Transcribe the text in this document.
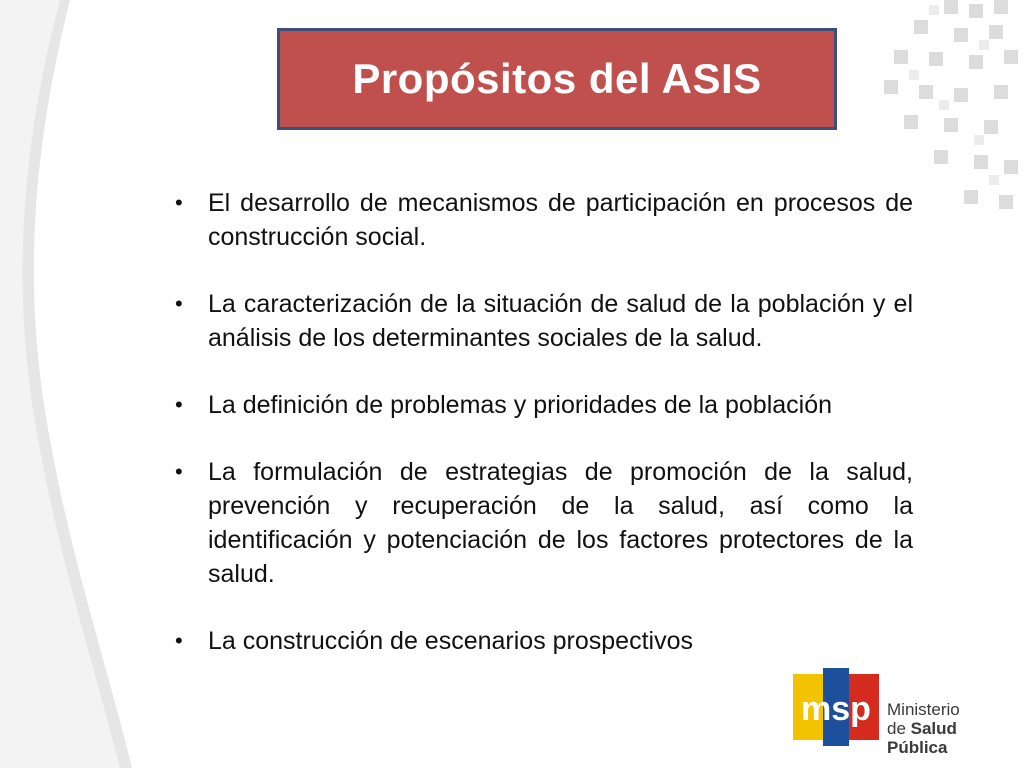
Propósitos del ASIS
• El desarrollo de mecanismos de participación en procesos de construcción social.
• La caracterización de la situación de salud de la población y el análisis de los determinantes sociales de la salud.
• La definición de problemas y prioridades de la población
• La formulación de estrategias de promoción de la salud, prevención y recuperación de la salud, así como la identificación y potenciación de los factores protectores de la salud.
• La construcción de escenarios prospectivos
msp Ministerio
de Salud Pública
